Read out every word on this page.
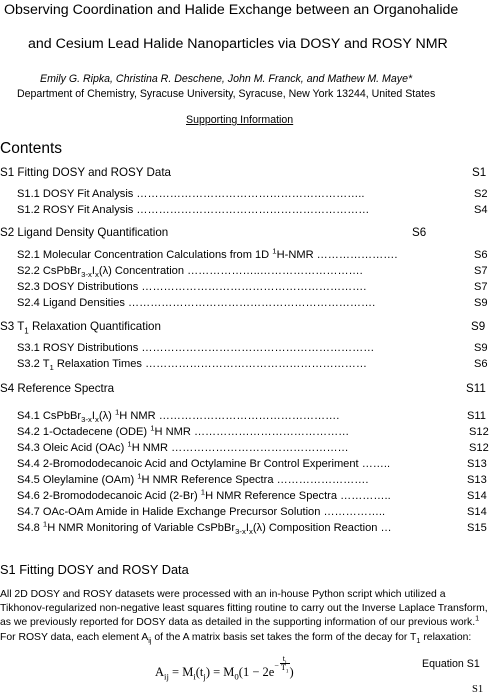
Observing Coordination and Halide Exchange between an Organohalide
and Cesium Lead Halide Nanoparticles via DOSY and ROSY NMR
Emily G. Ripka, Christina R. Deschene, John M. Franck, and Mathew M. Maye*
Department of Chemistry, Syracuse University, Syracuse, New York 13244, United States
Supporting Information
Contents
S1 Fitting DOSY and ROSY Data	S1
S1.1 DOSY Fit Analysis ……………………………………………………..	S2
S1.2 ROSY Fit Analysis ………………………………………………………	S4
S2 Ligand Density Quantification	S6
S2.1 Molecular Concentration Calculations from 1D $^1$H-NMR ………………….	S6
S2.2 $CsPbBr_{3-x}I_x(\lambda)$ Concentration ………………..……………………….	S7
S2.3 DOSY Distributions …………………………………………………….	S7
S2.4 Ligand Densities ………………………………………………………….	S9
S3 $T_1$ Relaxation Quantification	S9
S3.1 ROSY Distributions ………………………………………………………	S9
S3.2 $T_1$ Relaxation Times ……………………………………………………	S6
S4 Reference Spectra	S11
S4.1 $CsPbBr_{3-x}I_x(\lambda)$ $^1$H NMR ………………………………………….	S11
S4.2 1-Octadecene (ODE) $^1$H NMR ……………………………………	S12
S4.3 Oleic Acid (OAc) $^1$H NMR …………………………………………	S12
S4.4 2-Bromododecanoic Acid and Octylamine Br Control Experiment ……..	S13
S4.5 Oleylamine (OAm) $^1$H NMR Reference Spectra …………………….	S13
S4.6 2-Bromododecanoic Acid (2-Br) $^1$H NMR Reference Spectra …………..	S14
S4.7 OAc-OAm Amide in Halide Exchange Precursor Solution ……………..	S14
S4.8 $^1$H NMR Monitoring of Variable $CsPbBr_{3-x}I_x(\lambda)$ Composition Reaction …	S15
S1 Fitting DOSY and ROSY Data
All 2D DOSY and ROSY datasets were processed with an in-house Python script which utilized a Tikhonov-regularized non-negative least squares fitting routine to carry out the Inverse Laplace Transform, as we previously reported for DOSY data as detailed in the supporting information of our previous work.$^1$ For ROSY data, each element $A_{ij}$ of the A matrix basis set takes the form of the decay for $T_1$ relaxation:
$A_{ij} = M_i(t_j) = M_0(1 - 2e - \frac{t_j}{T_1}$ )
Equation S1
S1
